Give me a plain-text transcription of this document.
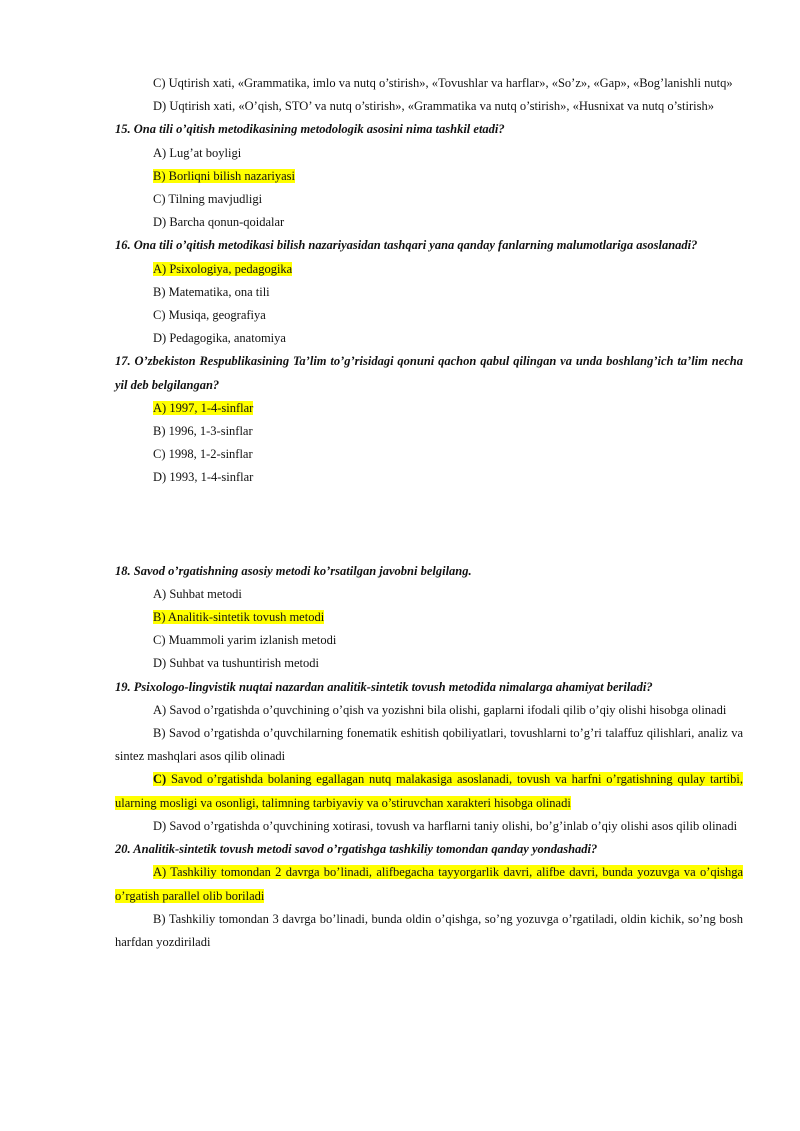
C) Uqtirish xati, «Grammatika, imlo va nutq o’stirish», «Tovushlar va harflar», «So’z», «Gap», «Bog’lanishli nutq»

D) Uqtirish xati, «O’qish, STO’ va nutq o’stirish», «Grammatika va nutq o’stirish», «Husnixat va nutq o’stirish»

15. Ona tili o’qitish metodikasining metodologik asosini nima tashkil etadi?

A) Lug’at boyligi

B) Borliqni bilish nazariyasi

C) Tilning mavjudligi

D) Barcha qonun-qoidalar

16. Ona tili o’qitish metodikasi bilish nazariyasidan tashqari yana qanday fanlarning malumotlariga asoslanadi?

A) Psixologiya, pedagogika

B) Matematika, ona tili

C) Musiqa, geografiya

D) Pedagogika, anatomiya

17. O’zbekiston Respublikasining Ta’lim to’g’risidagi qonuni qachon qabul qilingan va unda boshlang’ich ta’lim necha yil deb belgilangan?

A) 1997, 1-4-sinflar

B) 1996, 1-3-sinflar

C) 1998, 1-2-sinflar

D) 1993, 1-4-sinflar

18. Savod o’rgatishning asosiy metodi ko’rsatilgan javobni belgilang.

A) Suhbat metodi

B) Analitik-sintetik tovush metodi

C) Muammoli yarim izlanish metodi

D) Suhbat va tushuntirish metodi

19. Psixologo-lingvistik nuqtai nazardan analitik-sintetik tovush metodida nimalarga ahamiyat beriladi?

A) Savod o’rgatishda o’quvchining o’qish va yozishni bila olishi, gaplarni ifodali qilib o’qiy olishi hisobga olinadi

B) Savod o’rgatishda o’quvchilarning fonematik eshitish qobiliyatlari, tovushlarni to’g’ri talaffuz qilishlari, analiz va sintez mashqlari asos qilib olinadi

C) Savod o’rgatishda bolaning egallagan nutq malakasiga asoslanadi, tovush va harfni o’rgatishning qulay tartibi, ularning mosligi va osonligi, talimning tarbiyaviy va o’stiruvchan xarakteri hisobga olinadi

D) Savod o’rgatishda o’quvchining xotirasi, tovush va harflarni taniy olishi, bo’g’inlab o’qiy olishi asos qilib olinadi

20. Analitik-sintetik tovush metodi savod o’rgatishga tashkiliy tomondan qanday yondashadi?

A) Tashkiliy tomondan 2 davrga bo’linadi, alifbegacha tayyorgarlik davri, alifbe davri, bunda yozuvga va o’qishga o’rgatish parallel olib boriladi

B) Tashkiliy tomondan 3 davrga bo’linadi, bunda oldin o’qishga, so’ng yozuvga o’rgatiladi, oldin kichik, so’ng bosh harfdan yozdiriladi
